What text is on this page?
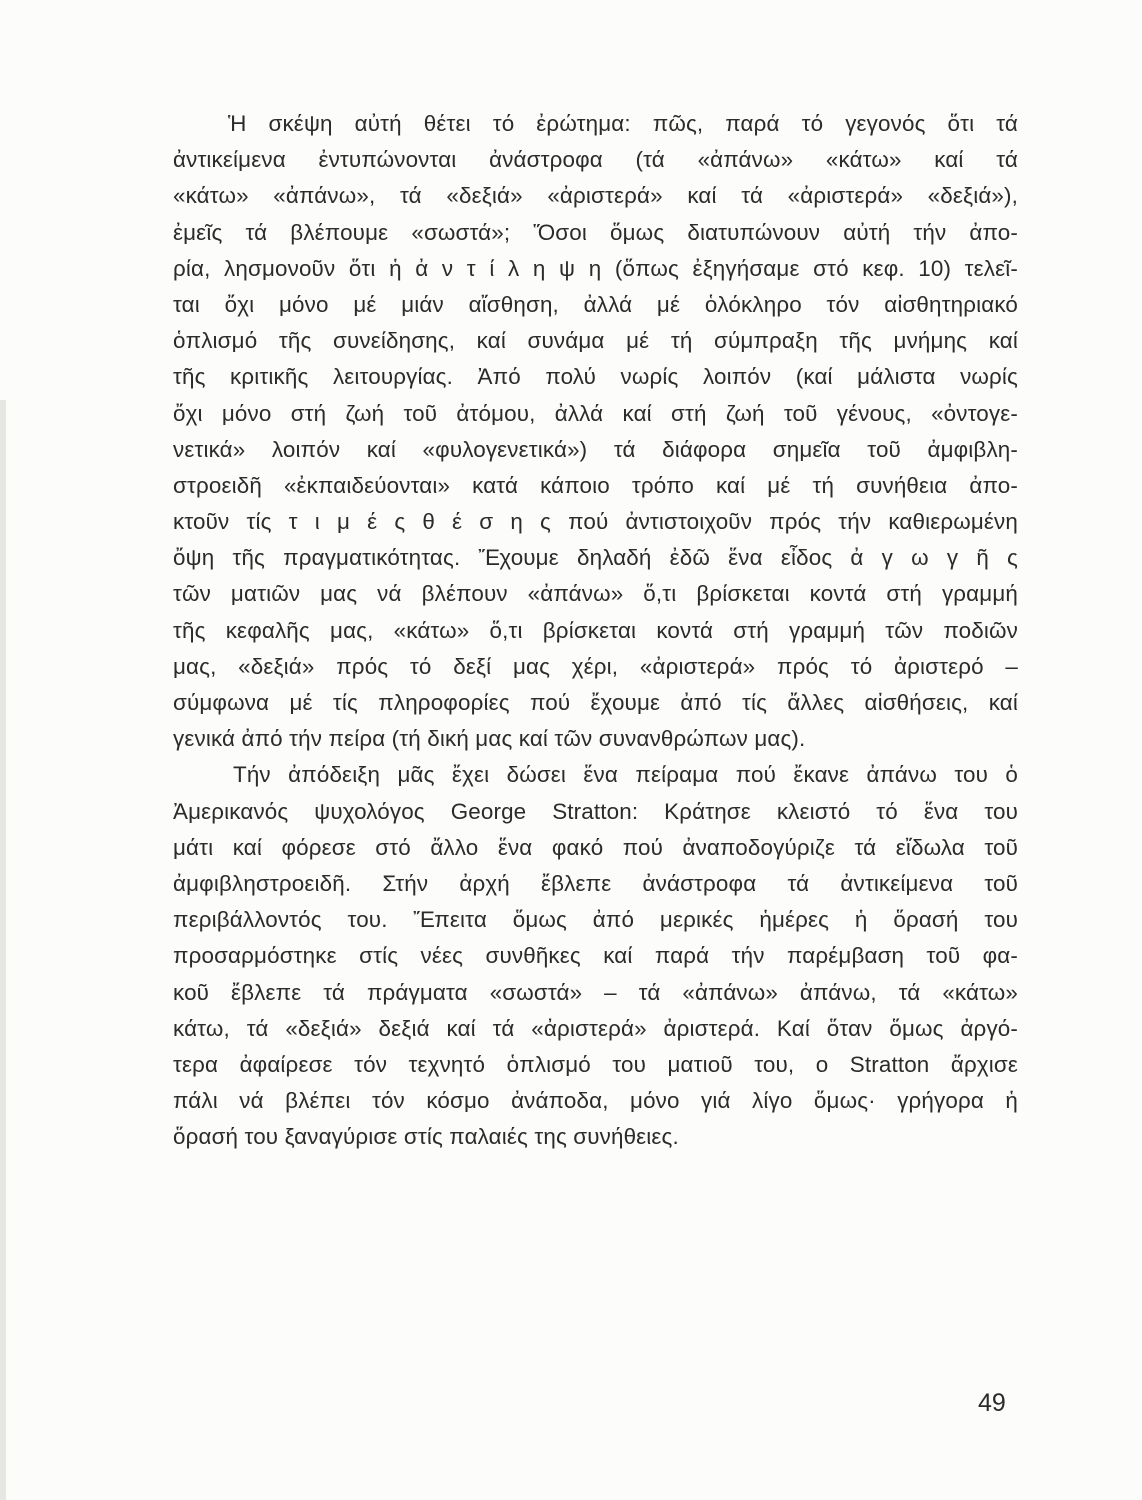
Ἡ σκέψη αὐτή θέτει τό ἐρώτημα: πῶς, παρά τό γεγονός ὅτι τά
ἀντικείμενα ἐντυπώνονται ἀνάστροφα (τά «ἀπάνω» «κάτω» καί τά
«κάτω» «ἀπάνω», τά «δεξιά» «ἀριστερά» καί τά «ἀριστερά» «δεξιά»),
ἐμεῖς τά βλέπουμε «σωστά»; Ὅσοι ὅμως διατυπώνουν αὐτή τήν ἀπο-
ρία, λησμονοῦν ὅτι ἡ ἀ ν τ ί λ η ψ η (ὅπως ἐξηγήσαμε στό κεφ. 10) τελεῖ-
ται ὄχι μόνο μέ μιάν αἴσθηση, ἀλλά μέ ὁλόκληρο τόν αἰσθητηριακό
ὁπλισμό τῆς συνείδησης, καί συνάμα μέ τή σύμπραξη τῆς μνήμης καί
τῆς κριτικῆς λειτουργίας. Ἀπό πολύ νωρίς λοιπόν (καί μάλιστα νωρίς
ὄχι μόνο στή ζωή τοῦ ἀτόμου, ἀλλά καί στή ζωή τοῦ γένους, «ὀντογε-
νετικά» λοιπόν καί «φυλογενετικά») τά διάφορα σημεῖα τοῦ ἀμφιβλη-
στροειδῆ «ἐκπαιδεύονται» κατά κάποιο τρόπο καί μέ τή συνήθεια ἀπο-
κτοῦν τίς τ ι μ έ ς θ έ σ η ς πού ἀντιστοιχοῦν πρός τήν καθιερωμένη
ὄψη τῆς πραγματικότητας. Ἔχουμε δηλαδή ἐδῶ ἕνα εἶδος ἀ γ ω γ ῆ ς
τῶν ματιῶν μας νά βλέπουν «ἀπάνω» ὅ,τι βρίσκεται κοντά στή γραμμή
τῆς κεφαλῆς μας, «κάτω» ὅ,τι βρίσκεται κοντά στή γραμμή τῶν ποδιῶν
μας, «δεξιά» πρός τό δεξί μας χέρι, «ἀριστερά» πρός τό ἀριστερό –
σύμφωνα μέ τίς πληροφορίες πού ἔχουμε ἀπό τίς ἄλλες αἰσθήσεις, καί
γενικά ἀπό τήν πείρα (τή δική μας καί τῶν συνανθρώπων μας).
Τήν ἀπόδειξη μᾶς ἔχει δώσει ἕνα πείραμα πού ἔκανε ἀπάνω του ὁ
Ἀμερικανός ψυχολόγος George Stratton: Κράτησε κλειστό τό ἕνα του
μάτι καί φόρεσε στό ἄλλο ἕνα φακό πού ἀναποδογύριζε τά εἴδωλα τοῦ
ἀμφιβληστροειδῆ. Στήν ἀρχή ἔβλεπε ἀνάστροφα τά ἀντικείμενα τοῦ
περιβάλλοντός του. Ἔπειτα ὅμως ἀπό μερικές ἡμέρες ἡ ὅρασή του
προσαρμόστηκε στίς νέες συνθῆκες καί παρά τήν παρέμβαση τοῦ φα-
κοῦ ἔβλεπε τά πράγματα «σωστά» – τά «ἀπάνω» ἀπάνω, τά «κάτω»
κάτω, τά «δεξιά» δεξιά καί τά «ἀριστερά» ἀριστερά. Καί ὅταν ὅμως ἀργό-
τερα ἀφαίρεσε τόν τεχνητό ὁπλισμό του ματιοῦ του, ο Stratton ἄρχισε
πάλι νά βλέπει τόν κόσμο ἀνάποδα, μόνο γιά λίγο ὅμως· γρήγορα ἡ
ὅρασή του ξαναγύρισε στίς παλαιές της συνήθειες.
49
